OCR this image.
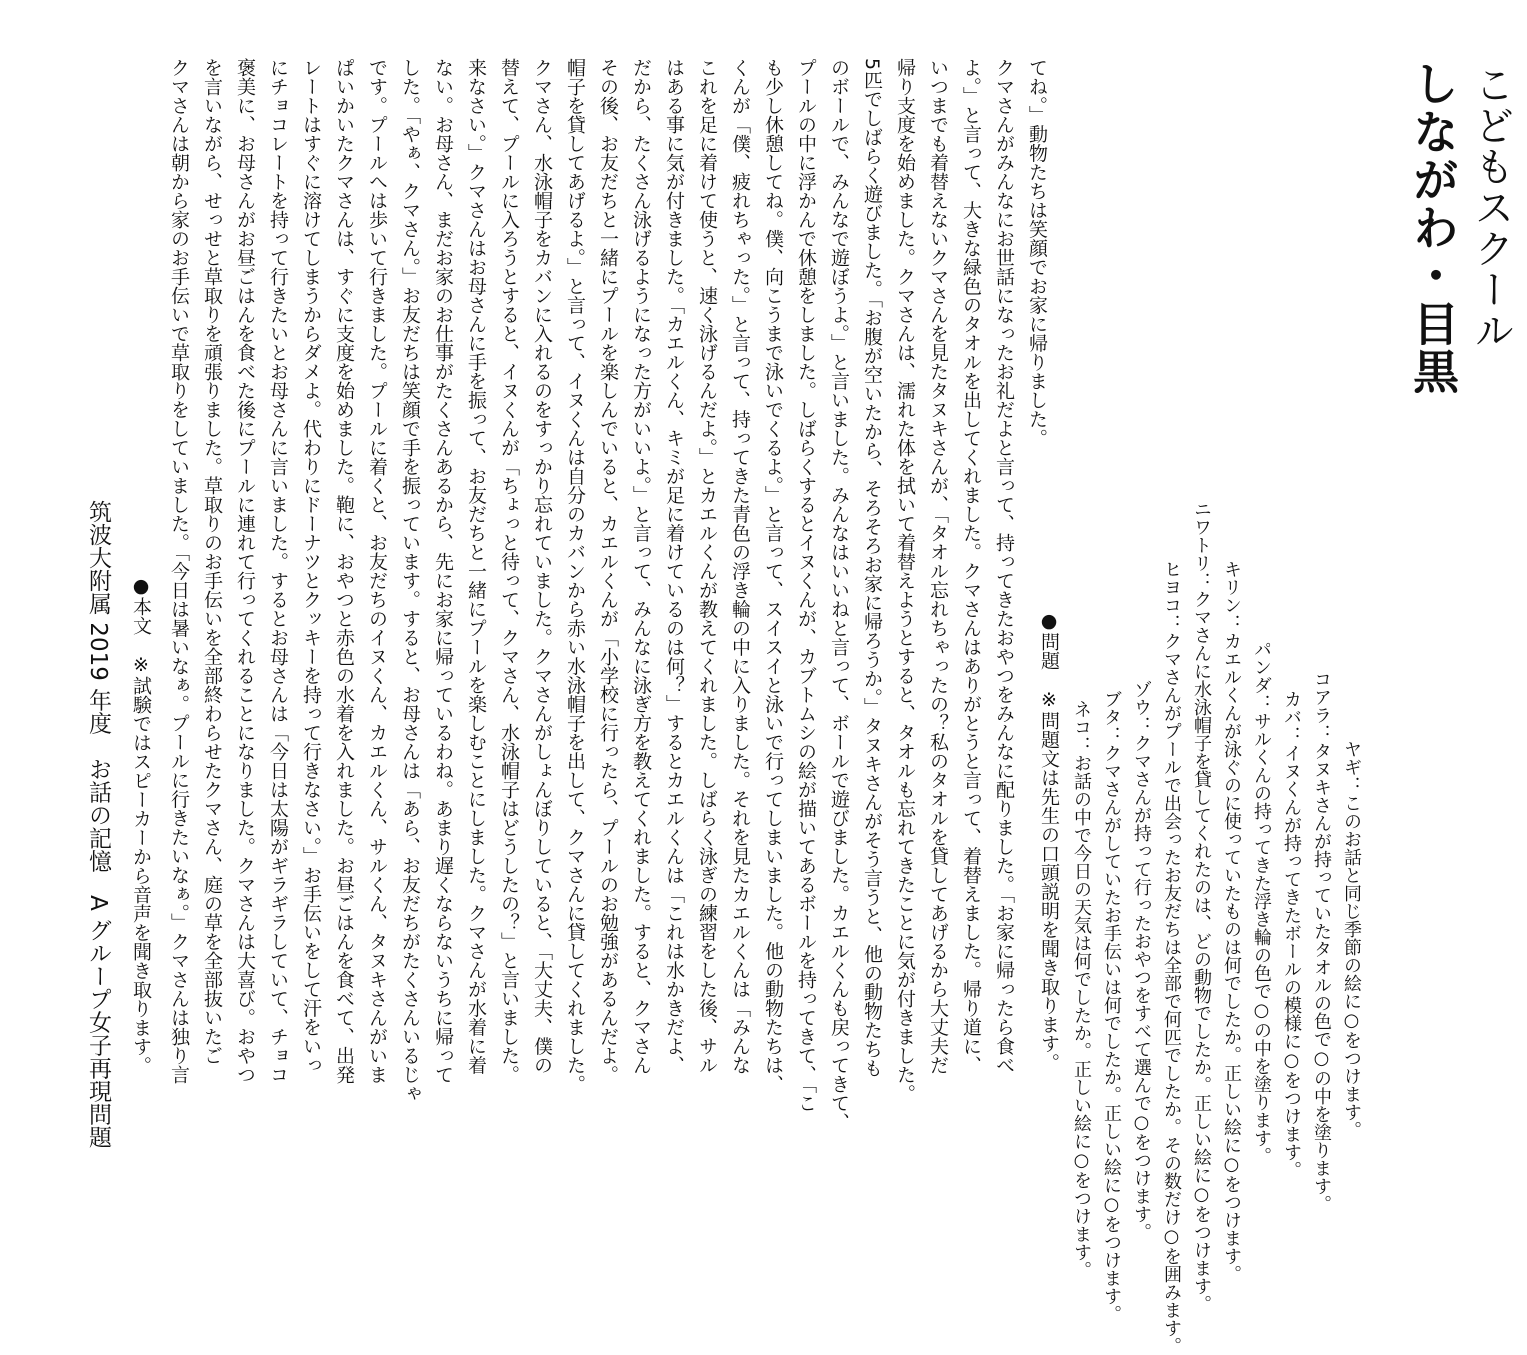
筑波大附属 2019 年度　お話の記憶　A グループ女子再現問題 ●本文　※試験ではスピーカーから音声を聞き取ります。 クマさんは朝から家のお手伝いで草取りをしていました。「今日は暑いなぁ。プールに行きたいなぁ。」クマさんは独り言 を言いながら、せっせと草取りを頑張りました。草取りのお手伝いを全部終わらせたクマさん、庭の草を全部抜いたご 褒美に、お母さんがお昼ごはんを食べた後にプールに連れて行ってくれることになりました。クマさんは大喜び。おやつ にチョコレートを持って行きたいとお母さんに言いました。するとお母さんは「今日は太陽がギラギラしていて、チョコ レートはすぐに溶けてしまうからダメよ。代わりにドーナツとクッキーを持って行きなさい。」お手伝いをして汗をいっ ぱいかいたクマさんは、すぐに支度を始めました。鞄に、おやつと赤色の水着を入れました。お昼ごはんを食べて、出発 です。プールへは歩いて行きました。プールに着くと、お友だちのイヌくん、カエルくん、サルくん、タヌキさんがいま した。「やぁ、クマさん。」お友だちは笑顔で手を振っています。すると、お母さんは「あら、お友だちがたくさんいるじゃ ない。お母さん、まだお家のお仕事がたくさんあるから、先にお家に帰っているわね。あまり遅くならないうちに帰って 来なさい。」クマさんはお母さんに手を振って、お友だちと一緒にプールを楽しむことにしました。クマさんが水着に着 替えて、プールに入ろうとすると、イヌくんが「ちょっと待って、クマさん、水泳帽子はどうしたの？」と言いました。 クマさん、水泳帽子をカバンに入れるのをすっかり忘れていました。クマさんがしょんぼりしていると、「大丈夫、僕の 帽子を貸してあげるよ。」と言って、イヌくんは自分のカバンから赤い水泳帽子を出して、クマさんに貸してくれました。 その後、お友だちと一緒にプールを楽しんでいると、カエルくんが「小学校に行ったら、プールのお勉強があるんだよ。 だから、たくさん泳げるようになった方がいいよ。」と言って、みんなに泳ぎ方を教えてくれました。すると、クマさん はある事に気が付きました。「カエルくん、キミが足に着けているのは何？」するとカエルくんは「これは水かきだよ、 これを足に着けて使うと、速く泳げるんだよ。」とカエルくんが教えてくれました。しばらく泳ぎの練習をした後、サル くんが「僕、疲れちゃった。」と言って、持ってきた青色の浮き輪の中に入りました。それを見たカエルくんは「みんな も少し休憩してね。僕、向こうまで泳いでくるよ。」と言って、スイスイと泳いで行ってしまいました。他の動物たちは、 プールの中に浮かんで休憩をしました。しばらくするとイヌくんが、カブトムシの絵が描いてあるボールを持ってきて、「こ のボールで、みんなで遊ぼうよ。」と言いました。みんなはいいねと言って、ボールで遊びました。カエルくんも戻ってきて、 5匹でしばらく遊びました。「お腹が空いたから、そろそろお家に帰ろうか。」タヌキさんがそう言うと、他の動物たちも 帰り支度を始めました。クマさんは、濡れた体を拭いて着替えようとすると、タオルも忘れてきたことに気が付きました。 いつまでも着替えないクマさんを見たタヌキさんが、「タオル忘れちゃったの？私のタオルを貸してあげるから大丈夫だ よ。」と言って、大きな緑色のタオルを出してくれました。クマさんはありがとうと言って、着替えました。帰り道に、 クマさんがみんなにお世話になったお礼だよと言って、持ってきたおやつをみんなに配りました。「お家に帰ったら食べ てね。」動物たちは笑顔でお家に帰りました。
●問題　※問題文は先生の口頭説明を聞き取ります。 ネコ：お話の中で今日の天気は何でしたか。正しい絵に○をつけます。 ブタ：クマさんがしていたお手伝いは何でしたか。正しい絵に○をつけます。 ゾウ：クマさんが持って行ったおやつをすべて選んで○をつけます。 ヒヨコ：クマさんがプールで出会ったお友だちは全部で何匹でしたか。その数だけ○を囲みます。 ニワトリ：クマさんに水泳帽子を貸してくれたのは、どの動物でしたか。正しい絵に○をつけます。 キリン：カエルくんが泳ぐのに使っていたものは何でしたか。正しい絵に○をつけます。 パンダ：サルくんの持ってきた浮き輪の色で○の中を塗ります。 カバ：イヌくんが持ってきたボールの模様に○をつけます。 コアラ：タヌキさんが持っていたタオルの色で○の中を塗ります。 ヤギ：このお話と同じ季節の絵に○をつけます。
しながわ・目黒 こどもスクール
